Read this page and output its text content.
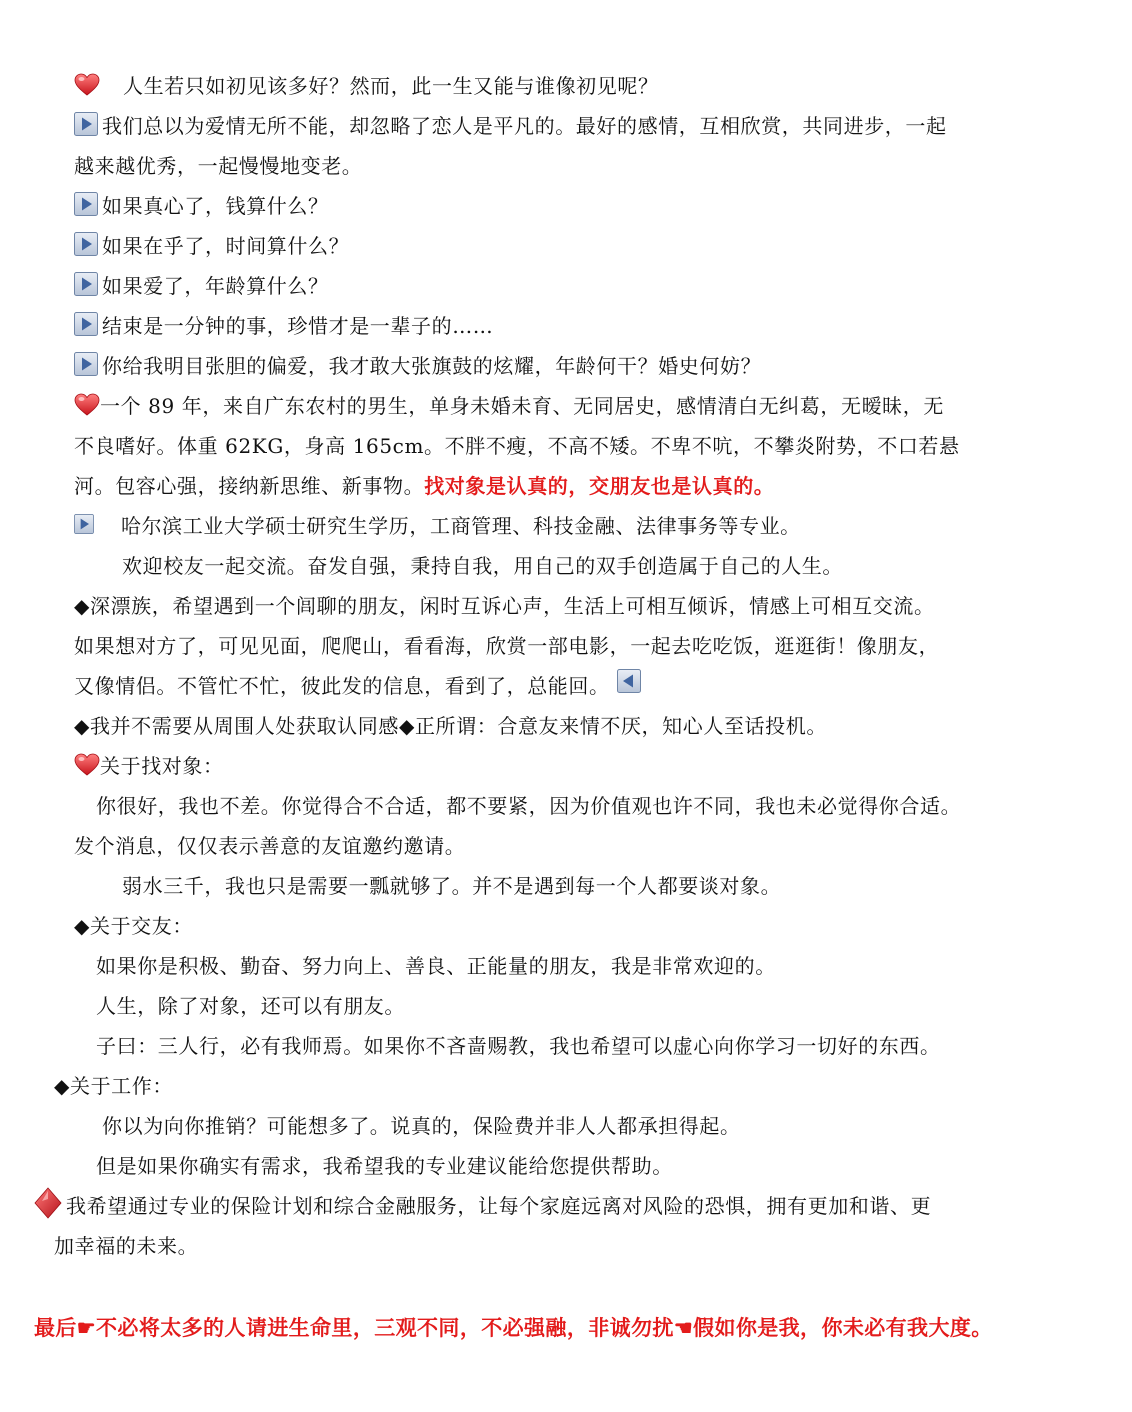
人生若只如初见该多好？然而，此一生又能与谁像初见呢？
我们总以为爱情无所不能，却忽略了恋人是平凡的。最好的感情，互相欣赏，共同进步，一起
越来越优秀，一起慢慢地变老。
如果真心了，钱算什么？
如果在乎了，时间算什么？
如果爱了，年龄算什么？
结束是一分钟的事，珍惜才是一辈子的……
你给我明目张胆的偏爱，我才敢大张旗鼓的炫耀，年龄何干？婚史何妨？
一个 89 年，来自广东农村的男生，单身未婚未育、无同居史，感情清白无纠葛，无暧昧，无
不良嗜好。体重 62KG，身高 165cm。不胖不瘦，不高不矮。不卑不吭，不攀炎附势，不口若悬
河。包容心强，接纳新思维、新事物。找对象是认真的，交朋友也是认真的。
哈尔滨工业大学硕士研究生学历，工商管理、科技金融、法律事务等专业。
欢迎校友一起交流。奋发自强，秉持自我，用自己的双手创造属于自己的人生。
◆深漂族，希望遇到一个闾聊的朋友，闲时互诉心声，生活上可相互倾诉，情感上可相互交流。
如果想对方了，可见见面，爬爬山，看看海，欣赏一部电影，一起去吃吃饭，逛逛街！像朋友，
又像情侣。不管忙不忙，彼此发的信息，看到了，总能回。
◆我并不需要从周围人处获取认同感◆正所谓：合意友来情不厌，知心人至话投机。
关于找对象：
你很好，我也不差。你觉得合不合适，都不要紧，因为价值观也许不同，我也未必觉得你合适。
发个消息，仅仅表示善意的友谊邀约邀请。
弱水三千，我也只是需要一瓢就够了。并不是遇到每一个人都要谈对象。
◆关于交友：
如果你是积极、勤奋、努力向上、善良、正能量的朋友，我是非常欢迎的。
人生，除了对象，还可以有朋友。
子曰：三人行，必有我师焉。如果你不吝啬赐教，我也希望可以虚心向你学习一切好的东西。
◆关于工作：
你以为向你推销？可能想多了。说真的，保险费并非人人都承担得起。
但是如果你确实有需求，我希望我的专业建议能给您提供帮助。
我希望通过专业的保险计划和综合金融服务，让每个家庭远离对风险的恐惧，拥有更加和谐、更
加幸福的未来。
最后☛不必将太多的人请进生命里，三观不同，不必强融，非诚勿扰☚假如你是我，你未必有我大度。
